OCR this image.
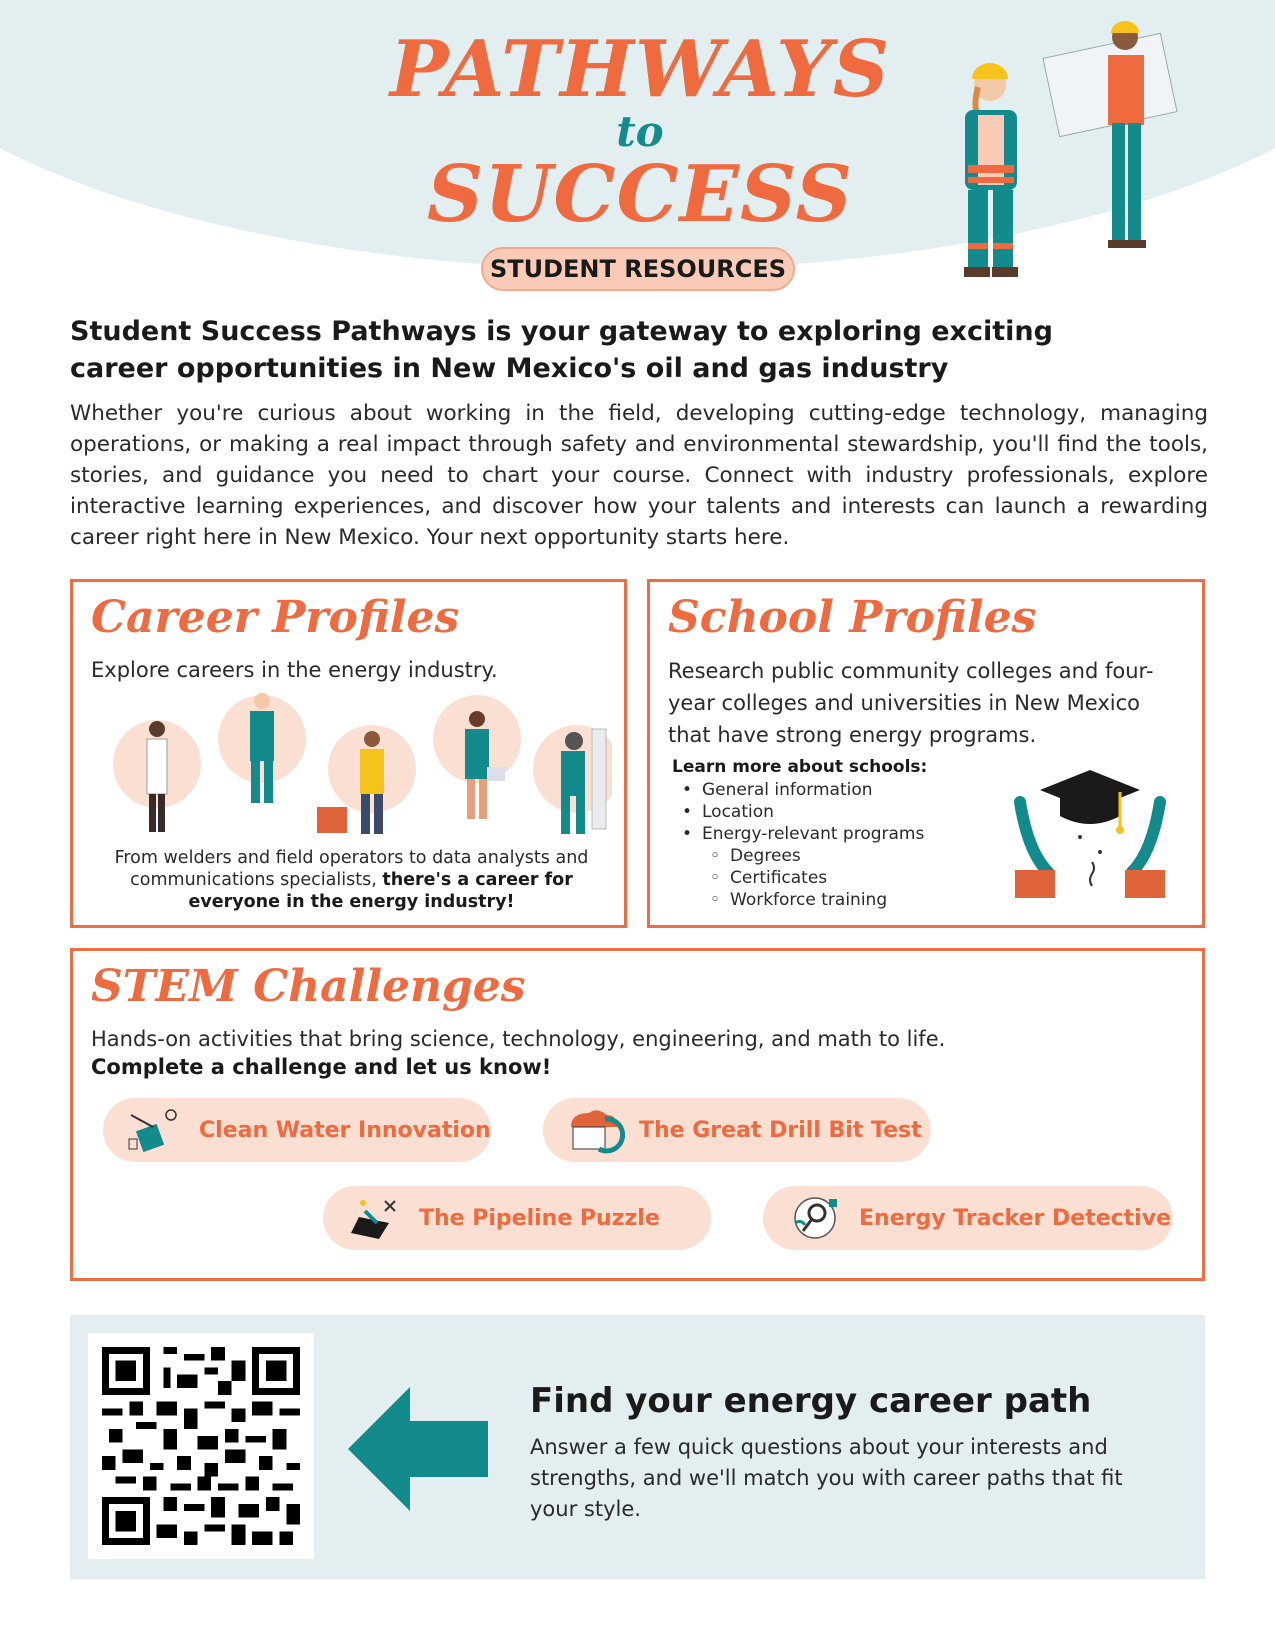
PATHWAYS
to
SUCCESS
STUDENT RESOURCES
Student Success Pathways is your gateway to exploring exciting career opportunities in New Mexico's oil and gas industry
Whether you're curious about working in the field, developing cutting-edge technology, managing operations, or making a real impact through safety and environmental stewardship, you'll find the tools, stories, and guidance you need to chart your course. Connect with industry professionals, explore interactive learning experiences, and discover how your talents and interests can launch a rewarding career right here in New Mexico. Your next opportunity starts here.
Career Profiles
Explore careers in the energy industry.
From welders and field operators to data analysts and communications specialists, there's a career for everyone in the energy industry!
School Profiles
Research public community colleges and four-year colleges and universities in New Mexico that have strong energy programs.
Learn more about schools:
• General information
• Location
• Energy-relevant programs
◦ Degrees
◦ Certificates
◦ Workforce training
STEM Challenges
Hands-on activities that bring science, technology, engineering, and math to life.
Complete a challenge and let us know!
Clean Water Innovation	The Great Drill Bit Test
The Pipeline Puzzle	Energy Tracker Detective
Find your energy career path
Answer a few quick questions about your interests and strengths, and we'll match you with career paths that fit your style.
